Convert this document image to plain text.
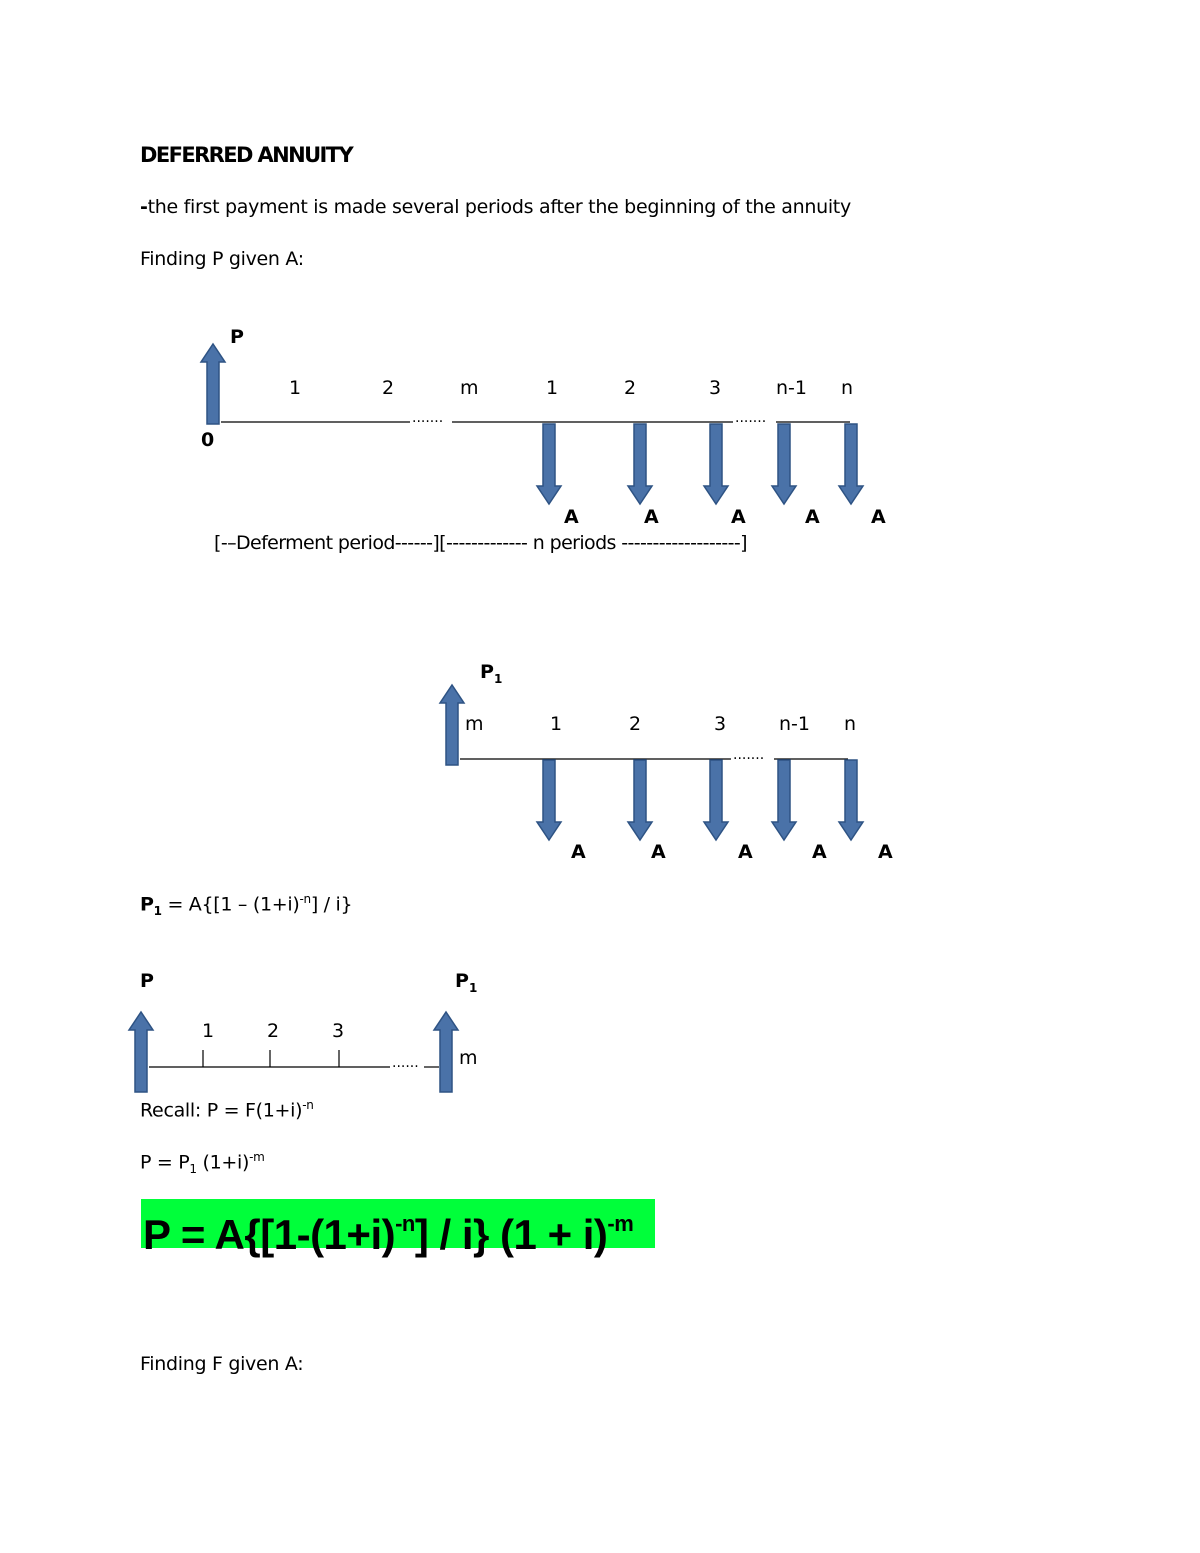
DEFERRED ANNUITY
-the first payment is made several periods after the beginning of the annuity
Finding P given A:
.......	.......
.......
......
P
0
1	2	m	1	2	3	n-1 n
A	A	A	A	A
[-–Deferment period------][------------- n periods -------------------]
$P_1$
m	1	2	3	n-1 n
A	A	A	A	A
$P_1 = A\{[1 - (1+i)^{-n}] / i\}$
P	$P_1$
1	2	3
m
Recall: $P = F(1+i)^{-n}$
$P = P_1$ $(1+i)^{-m}$
$P = A\{[1-(1+i)^{-n}] / i\} (1 + i)^{-m}$
Finding F given A:
